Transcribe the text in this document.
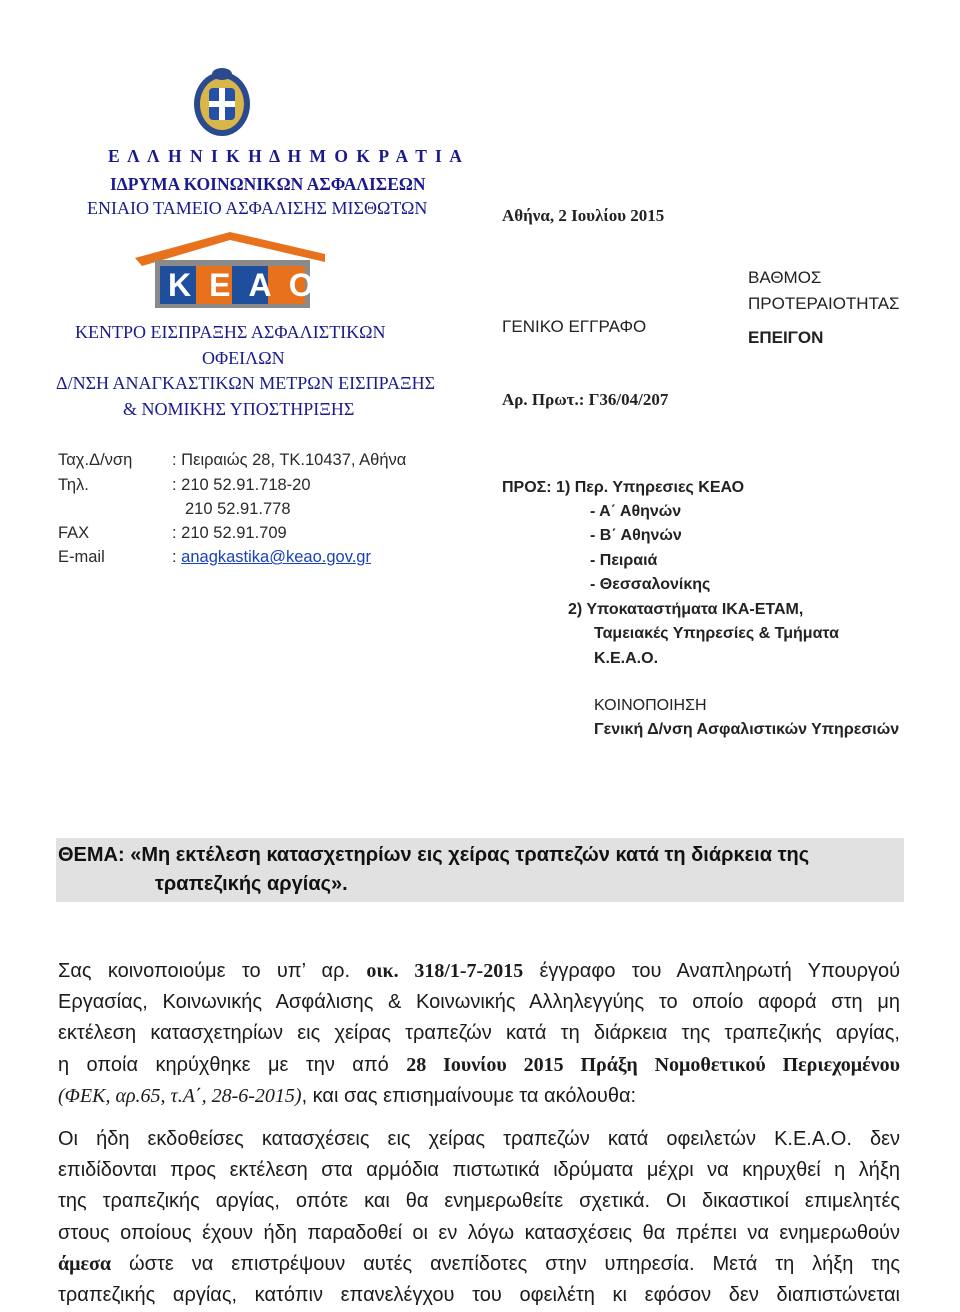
Ε Λ Λ Η Ν Ι Κ Η Δ Η Μ Ο Κ Ρ Α Τ Ι Α
ΙΔΡΥΜΑ ΚΟΙΝΩΝΙΚΩΝ ΑΣΦΑΛΙΣΕΩΝ
ΕΝΙΑΙΟ ΤΑΜΕΙΟ ΑΣΦΑΛΙΣΗΣ ΜΙΣΘΩΤΩΝ
ΚΕΑΟ
ΚΕΝΤΡΟ ΕΙΣΠΡΑΞΗΣ ΑΣΦΑΛΙΣΤΙΚΩΝ
ΟΦΕΙΛΩΝ
Δ/ΝΣΗ ΑΝΑΓΚΑΣΤΙΚΩΝ ΜΕΤΡΩΝ ΕΙΣΠΡΑΞΗΣ
& ΝΟΜΙΚΗΣ ΥΠΟΣΤΗΡΙΞΗΣ
Αθήνα, 2 Ιουλίου 2015
ΒΑΘΜΟΣ
ΠΡΟΤΕΡΑΙΟΤΗΤΑΣ
ΕΠΕΙΓΟΝ
ΓΕΝΙΚΟ ΕΓΓΡΑΦΟ
Αρ. Πρωτ.: Γ36/04/207
Ταχ.Δ/νση : Πειραιώς 28, ΤΚ.10437, Αθήνα
Τηλ.	: 210 52.91.718-20
210 52.91.778
FAX	: 210 52.91.709
E-mail	: anagkastika@keao.gov.gr
ΠΡΟΣ: 1) Περ. Υπηρεσιες ΚΕΑΟ
- Α΄ Αθηνών
- Β΄ Αθηνών
- Πειραιά
- Θεσσαλονίκης
2) Υποκαταστήματα ΙΚΑ-ΕΤΑΜ,
Ταμειακές Υπηρεσίες & Τμήματα
Κ.Ε.Α.Ο.
ΚΟΙΝΟΠΟΙΗΣΗ
Γενική Δ/νση Ασφαλιστικών Υπηρεσιών
ΘΕΜΑ: «Μη εκτέλεση κατασχετηρίων εις χείρας τραπεζών κατά τη διάρκεια της
τραπεζικής αργίας».
Σας κοινοποιούμε το υπ’ αρ. οικ. 318/1-7-2015 έγγραφο του Αναπληρωτή Υπουργού
Εργασίας, Κοινωνικής Ασφάλισης & Κοινωνικής Αλληλεγγύης το οποίο αφορά στη μη
εκτέλεση κατασχετηρίων εις χείρας τραπεζών κατά τη διάρκεια της τραπεζικής αργίας,
η οποία κηρύχθηκε με την από 28 Ιουνίου 2015 Πράξη Νομοθετικού Περιεχομένου
(ΦΕΚ, αρ.65, τ.Α΄, 28-6-2015), και σας επισημαίνουμε τα ακόλουθα:
Οι ήδη εκδοθείσες κατασχέσεις εις χείρας τραπεζών κατά οφειλετών Κ.Ε.Α.Ο. δεν
επιδίδονται προς εκτέλεση στα αρμόδια πιστωτικά ιδρύματα μέχρι να κηρυχθεί η λήξη
της τραπεζικής αργίας, οπότε και θα ενημερωθείτε σχετικά. Οι δικαστικοί επιμελητές
στους οποίους έχουν ήδη παραδοθεί οι εν λόγω κατασχέσεις θα πρέπει να ενημερωθούν
άμεσα ώστε να επιστρέψουν αυτές ανεπίδοτες στην υπηρεσία. Μετά τη λήξη της
τραπεζικής αργίας, κατόπιν επανελέγχου του οφειλέτη κι εφόσον δεν διαπιστώνεται
